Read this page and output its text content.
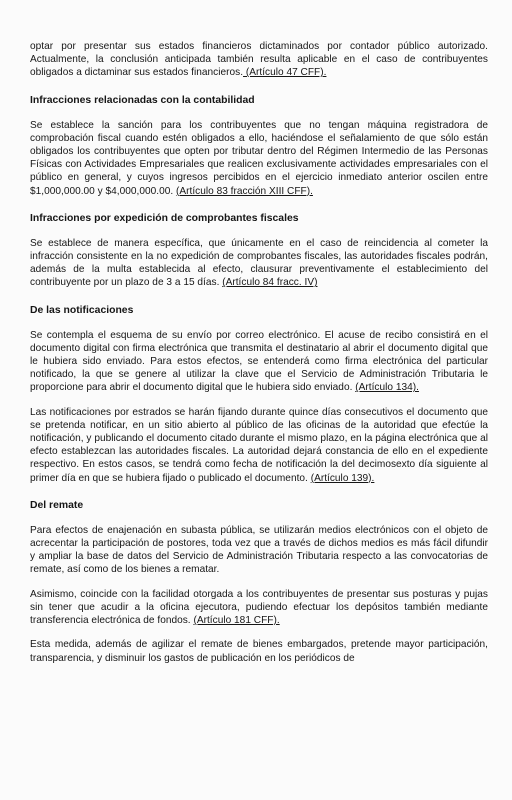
optar por presentar sus estados financieros dictaminados por contador público autorizado. Actualmente, la conclusión anticipada también resulta aplicable en el caso de contribuyentes obligados a dictaminar sus estados financieros. (Artículo 47 CFF).

Infracciones relacionadas con la contabilidad

Se establece la sanción para los contribuyentes que no tengan máquina registradora de comprobación fiscal cuando estén obligados a ello, haciéndose el señalamiento de que sólo están obligados los contribuyentes que opten por tributar dentro del Régimen Intermedio de las Personas Físicas con Actividades Empresariales que realicen exclusivamente actividades empresariales con el público en general, y cuyos ingresos percibidos en el ejercicio inmediato anterior oscilen entre $1,000,000.00 y $4,000,000.00. (Artículo 83 fracción XIII CFF).

Infracciones por expedición de comprobantes fiscales

Se establece de manera específica, que únicamente en el caso de reincidencia al cometer la infracción consistente en la no expedición de comprobantes fiscales, las autoridades fiscales podrán, además de la multa establecida al efecto, clausurar preventivamente el establecimiento del contribuyente por un plazo de 3 a 15 días. (Artículo 84 fracc. IV)

De las notificaciones

Se contempla el esquema de su envío por correo electrónico. El acuse de recibo consistirá en el documento digital con firma electrónica que transmita el destinatario al abrir el documento digital que le hubiera sido enviado. Para estos efectos, se entenderá como firma electrónica del particular notificado, la que se genere al utilizar la clave que el Servicio de Administración Tributaria le proporcione para abrir el documento digital que le hubiera sido enviado. (Artículo 134).

Las notificaciones por estrados se harán fijando durante quince días consecutivos el documento que se pretenda notificar, en un sitio abierto al público de las oficinas de la autoridad que efectúe la notificación, y publicando el documento citado durante el mismo plazo, en la página electrónica que al efecto establezcan las autoridades fiscales. La autoridad dejará constancia de ello en el expediente respectivo. En estos casos, se tendrá como fecha de notificación la del decimosexto día siguiente al primer día en que se hubiera fijado o publicado el documento. (Artículo 139).

Del remate

Para efectos de enajenación en subasta pública, se utilizarán medios electrónicos con el objeto de acrecentar la participación de postores, toda vez que a través de dichos medios es más fácil difundir y ampliar la base de datos del Servicio de Administración Tributaria respecto a las convocatorias de remate, así como de los bienes a rematar.

Asimismo, coincide con la facilidad otorgada a los contribuyentes de presentar sus posturas y pujas sin tener que acudir a la oficina ejecutora, pudiendo efectuar los depósitos también mediante transferencia electrónica de fondos. (Artículo 181 CFF).

Esta medida, además de agilizar el remate de bienes embargados, pretende mayor participación, transparencia, y disminuir los gastos de publicación en los periódicos de
